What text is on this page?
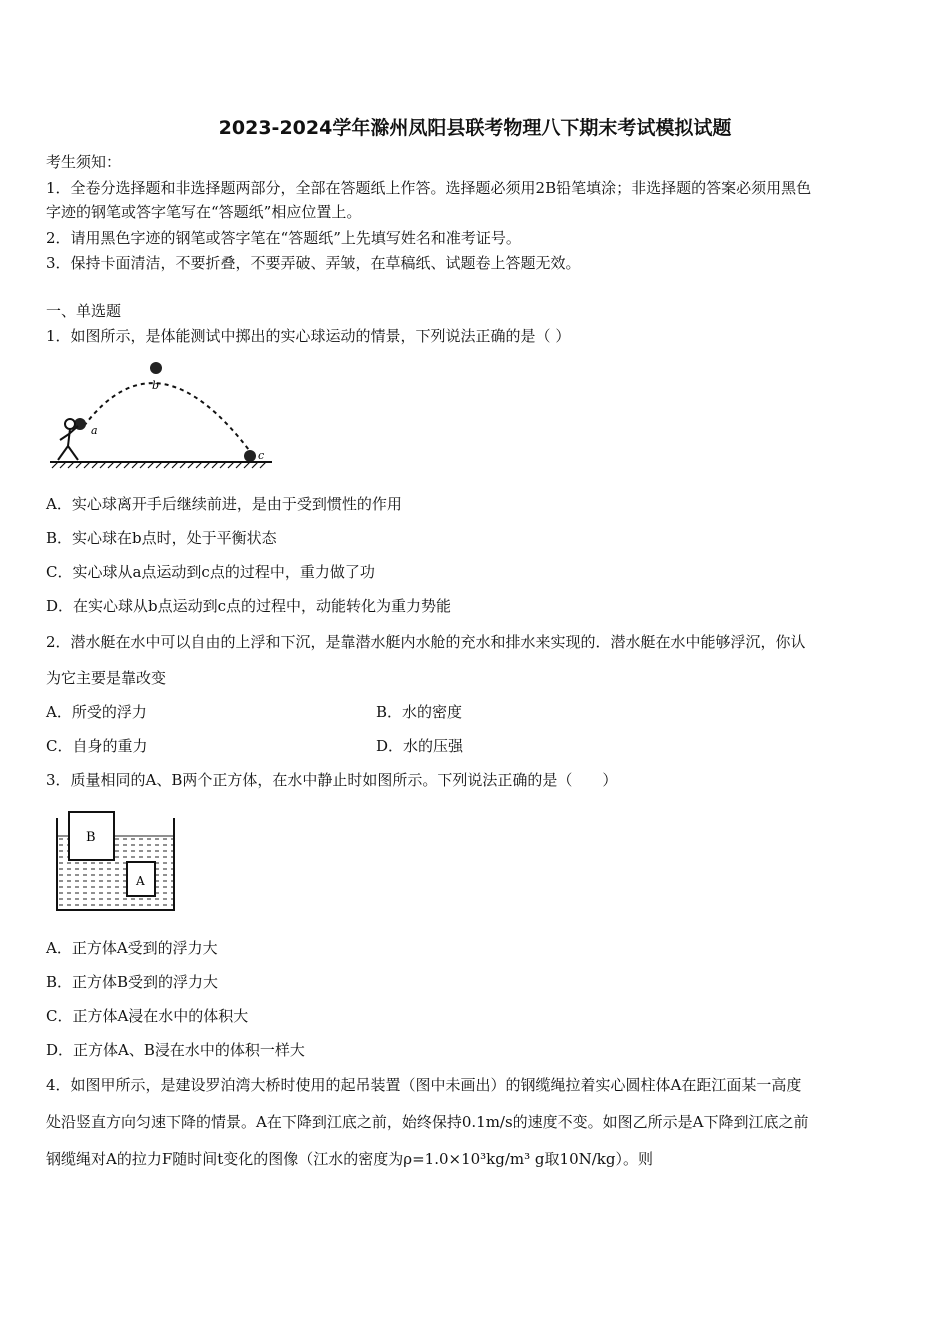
2023-2024学年滁州凤阳县联考物理八下期末考试模拟试题
考生须知：
1．全卷分选择题和非选择题两部分，全部在答题纸上作答。选择题必须用2B铅笔填涂；非选择题的答案必须用黑色
字迹的钢笔或答字笔写在“答题纸”相应位置上。
2．请用黑色字迹的钢笔或答字笔在“答题纸”上先填写姓名和准考证号。
3．保持卡面清洁，不要折叠，不要弄破、弄皱，在草稿纸、试题卷上答题无效。
一、单选题
1．如图所示，是体能测试中掷出的实心球运动的情景，下列说法正确的是（ ）
a
b
c
A．实心球离开手后继续前进，是由于受到惯性的作用
B．实心球在b点时，处于平衡状态
C．实心球从a点运动到c点的过程中，重力做了功
D．在实心球从b点运动到c点的过程中，动能转化为重力势能
2．潜水艇在水中可以自由的上浮和下沉，是靠潜水艇内水舱的充水和排水来实现的．潜水艇在水中能够浮沉，你认
为它主要是靠改变
A．所受的浮力	B．水的密度
C．自身的重力	D．水的压强
3．质量相同的A、B两个正方体，在水中静止时如图所示。下列说法正确的是（　　）
B
A
A．正方体A受到的浮力大
B．正方体B受到的浮力大
C．正方体A浸在水中的体积大
D．正方体A、B浸在水中的体积一样大
4．如图甲所示，是建设罗泊湾大桥时使用的起吊装置（图中未画出）的钢缆绳拉着实心圆柱体A在距江面某一高度
处沿竖直方向匀速下降的情景。A在下降到江底之前，始终保持0.1m/s的速度不变。如图乙所示是A下降到江底之前
钢缆绳对A的拉力F随时间t变化的图像（江水的密度为ρ=1.0×10³kg/m³ g取10N/kg）。则
